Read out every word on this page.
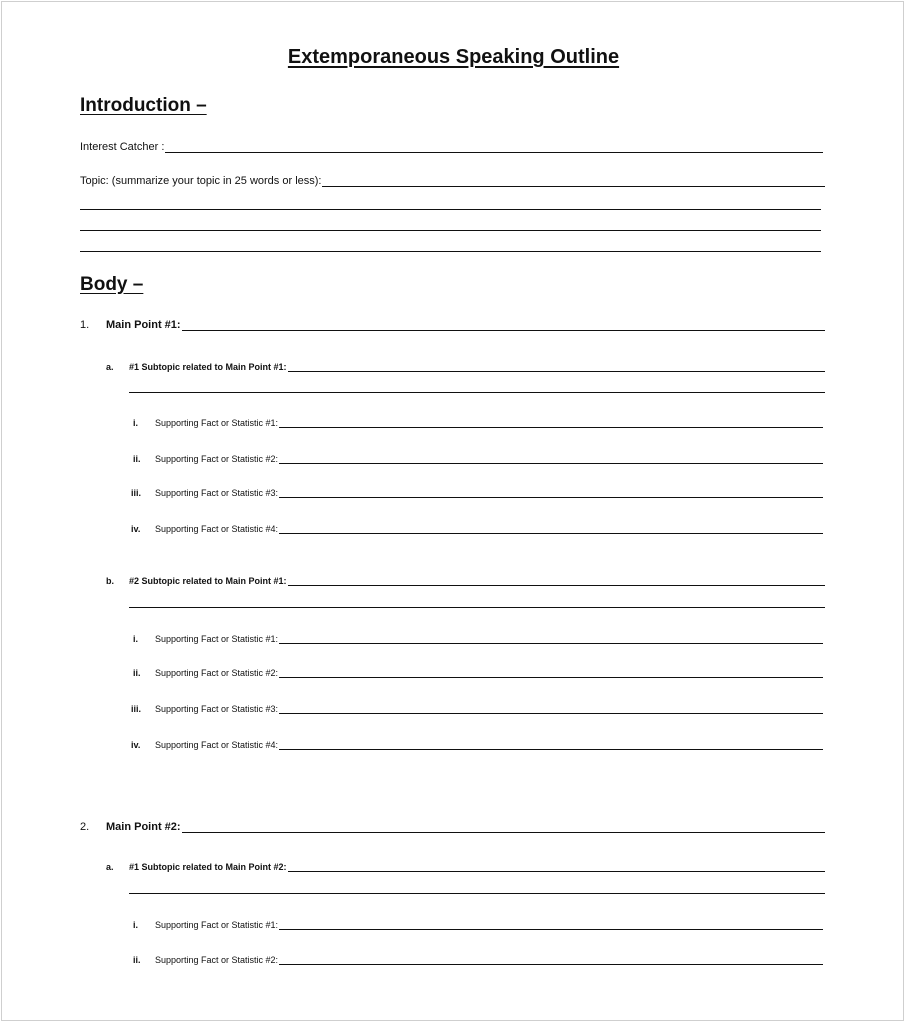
Extemporaneous Speaking Outline
Introduction –
Interest Catcher :
Topic: (summarize your topic in 25 words or less):
Body –
1. Main Point #1:
a. #1 Subtopic related to Main Point #1:
i. Supporting Fact or Statistic #1:
ii. Supporting Fact or Statistic #2:
iii. Supporting Fact or Statistic #3:
iv. Supporting Fact or Statistic #4:
b. #2 Subtopic related to Main Point #1:
i. Supporting Fact or Statistic #1:
ii. Supporting Fact or Statistic #2:
iii. Supporting Fact or Statistic #3:
iv. Supporting Fact or Statistic #4:
2. Main Point #2:
a. #1 Subtopic related to Main Point #2:
i. Supporting Fact or Statistic #1:
ii. Supporting Fact or Statistic #2:
